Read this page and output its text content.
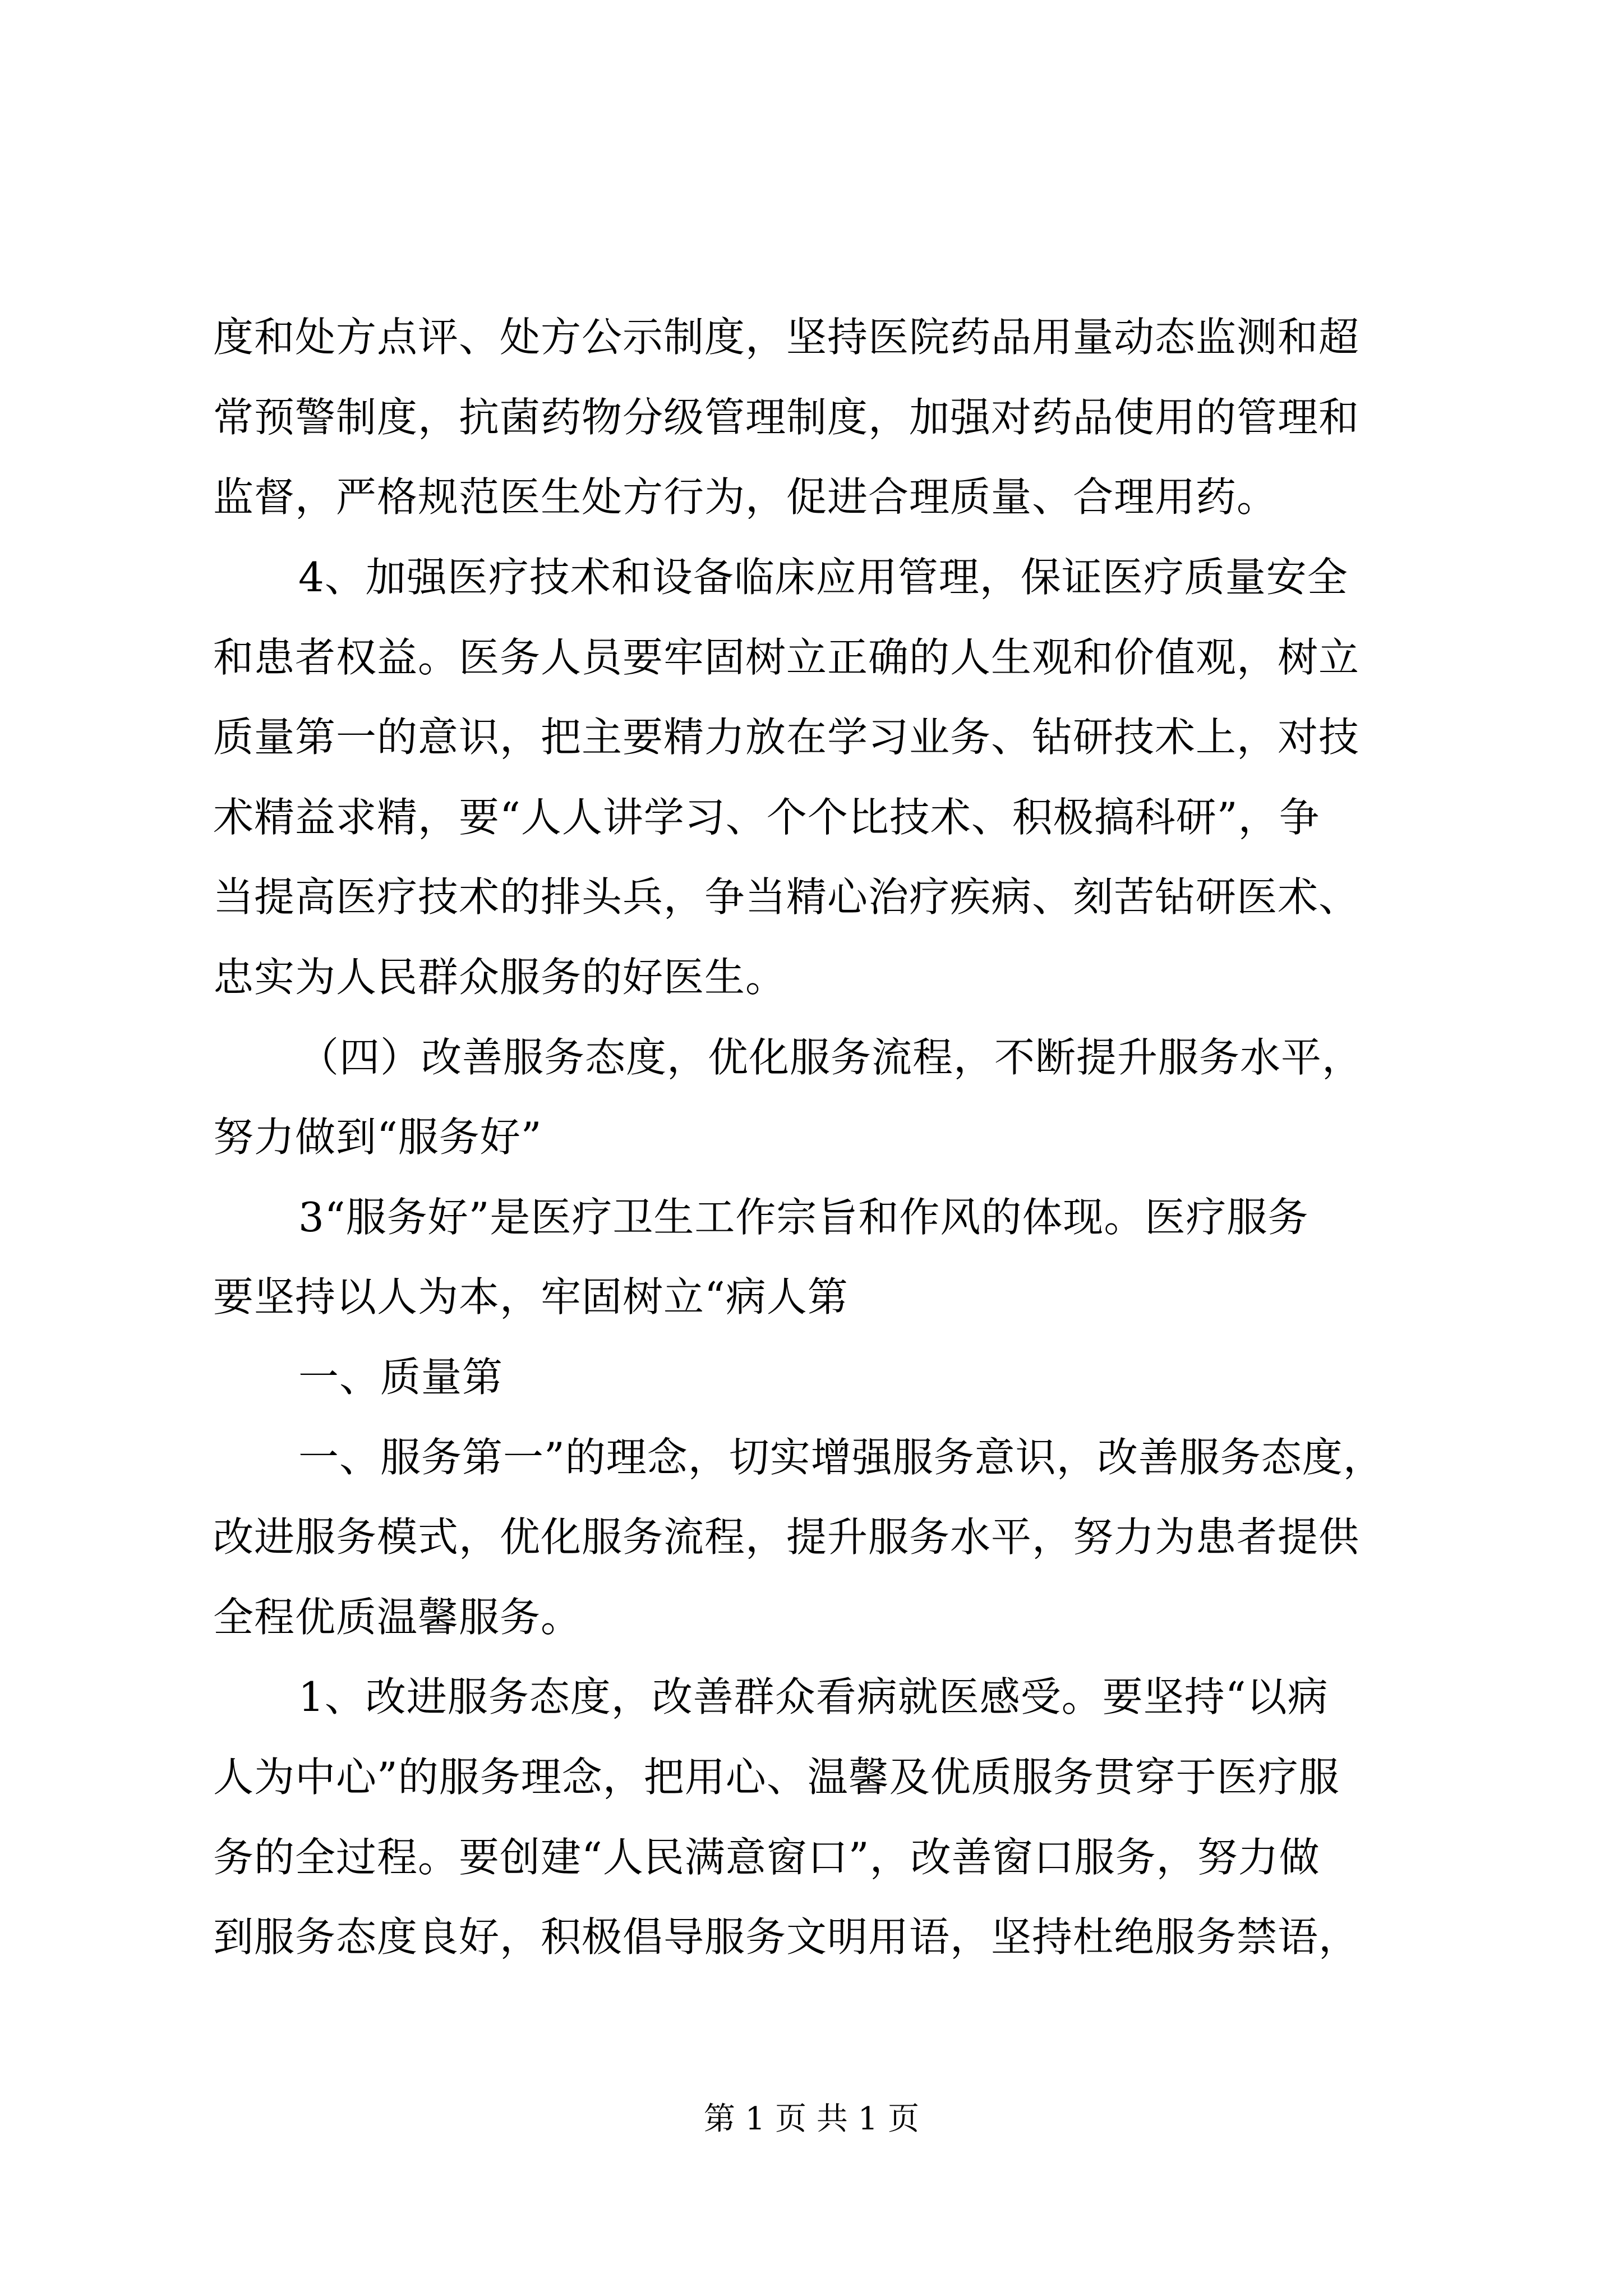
度和处方点评、处方公示制度，坚持医院药品用量动态监测和超
常预警制度，抗菌药物分级管理制度，加强对药品使用的管理和
监督，严格规范医生处方行为，促进合理质量、合理用药。
4、加强医疗技术和设备临床应用管理，保证医疗质量安全
和患者权益。医务人员要牢固树立正确的人生观和价值观，树立
质量第一的意识，把主要精力放在学习业务、钻研技术上，对技
术精益求精，要“人人讲学习、个个比技术、积极搞科研”，争
当提高医疗技术的排头兵，争当精心治疗疾病、刻苦钻研医术、
忠实为人民群众服务的好医生。
（四）改善服务态度，优化服务流程，不断提升服务水平，
努力做到“服务好”
3“服务好”是医疗卫生工作宗旨和作风的体现。医疗服务
要坚持以人为本，牢固树立“病人第
一、质量第
一、服务第一”的理念，切实增强服务意识，改善服务态度，
改进服务模式，优化服务流程，提升服务水平，努力为患者提供
全程优质温馨服务。
1、改进服务态度，改善群众看病就医感受。要坚持“以病
人为中心”的服务理念，把用心、温馨及优质服务贯穿于医疗服
务的全过程。要创建“人民满意窗口”，改善窗口服务，努力做
到服务态度良好，积极倡导服务文明用语，坚持杜绝服务禁语，
第 1 页 共 1 页
